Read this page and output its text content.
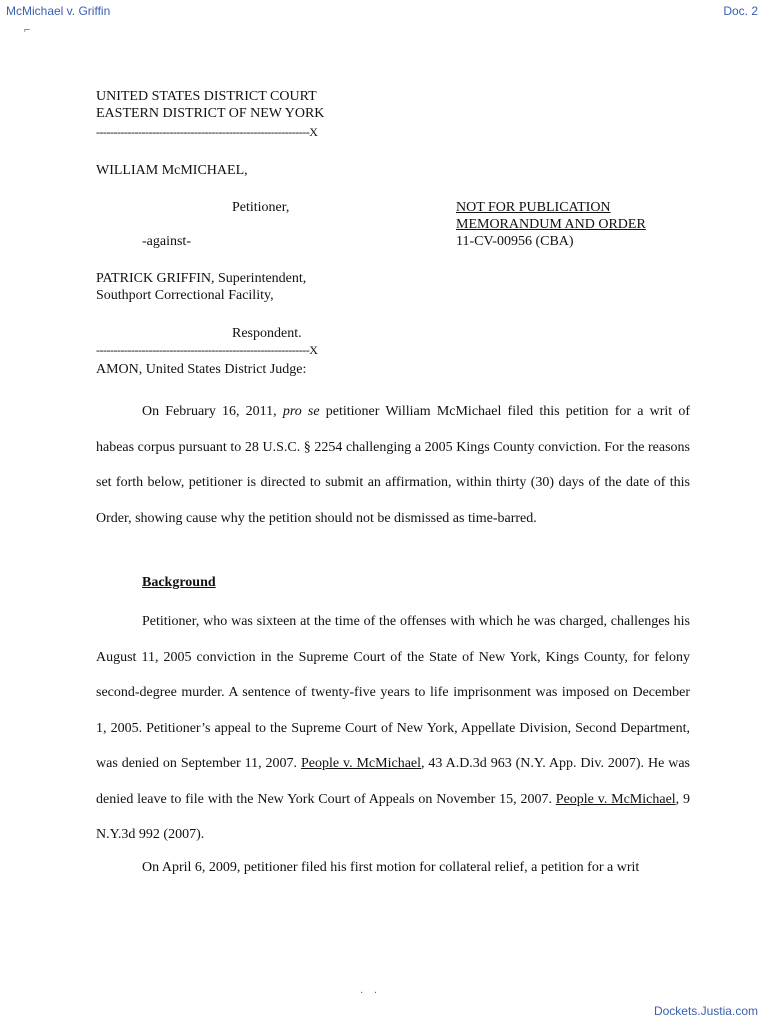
McMichael v. Griffin	Doc. 2
⌐
UNITED STATES DISTRICT COURT
EASTERN DISTRICT OF NEW YORK
-------------------------------------------------------------X
WILLIAM McMICHAEL,
Petitioner,
-against-
NOT FOR PUBLICATION
MEMORANDUM AND ORDER
11-CV-00956 (CBA)
PATRICK GRIFFIN, Superintendent,
Southport Correctional Facility,
Respondent.
-------------------------------------------------------------X
AMON, United States District Judge:
On February 16, 2011, pro se petitioner William McMichael filed this petition for a writ of habeas corpus pursuant to 28 U.S.C. § 2254 challenging a 2005 Kings County conviction. For the reasons set forth below, petitioner is directed to submit an affirmation, within thirty (30) days of the date of this Order, showing cause why the petition should not be dismissed as time-barred.
Background
Petitioner, who was sixteen at the time of the offenses with which he was charged, challenges his August 11, 2005 conviction in the Supreme Court of the State of New York, Kings County, for felony second-degree murder. A sentence of twenty-five years to life imprisonment was imposed on December 1, 2005. Petitioner’s appeal to the Supreme Court of New York, Appellate Division, Second Department, was denied on September 11, 2007. People v. McMichael, 43 A.D.3d 963 (N.Y. App. Div. 2007). He was denied leave to file with the New York Court of Appeals on November 15, 2007. People v. McMichael, 9 N.Y.3d 992 (2007).
On April 6, 2009, petitioner filed his first motion for collateral relief, a petition for a writ
· ·
Dockets.Justia.com
